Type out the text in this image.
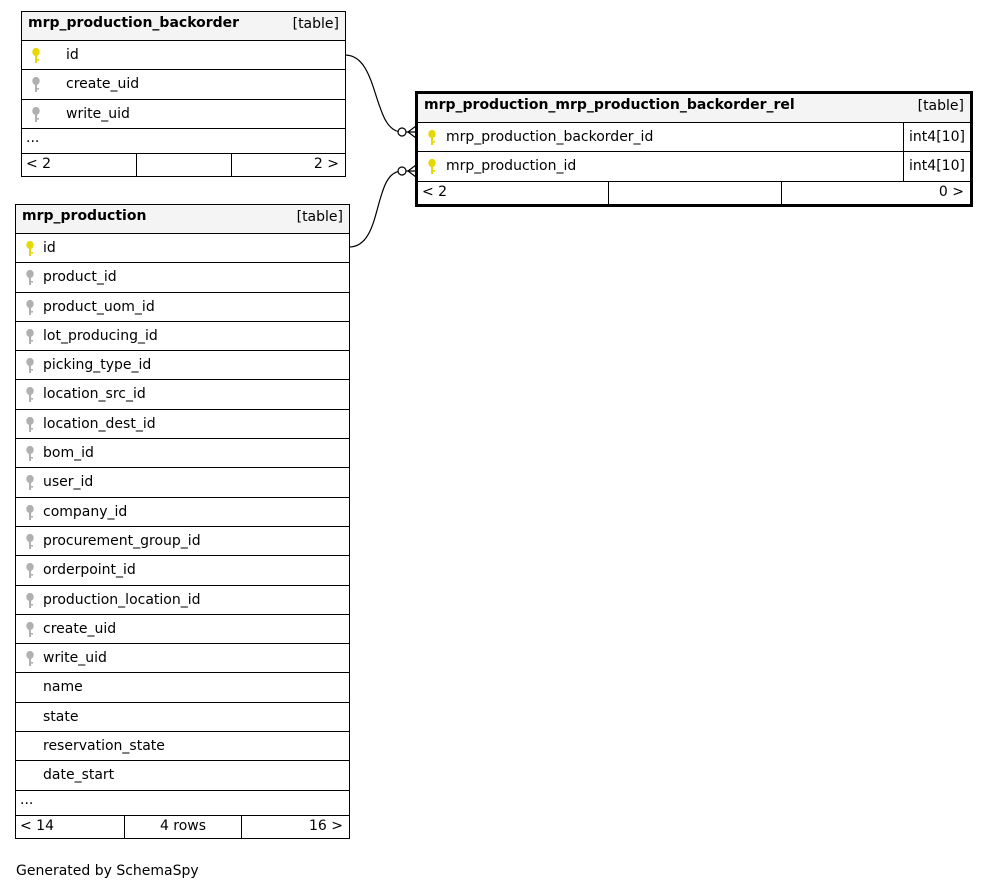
mrp_production_backorder	[table]
id
create_uid
write_uid
...
< 2	2 >
mrp_production_mrp_production_backorder_rel	[table]
mrp_production_backorder_id	int4[10]
mrp_production_id	int4[10]
< 2	0 >
mrp_production	[table]
id
product_id
product_uom_id
lot_producing_id
picking_type_id
location_src_id
location_dest_id
bom_id
user_id
company_id
procurement_group_id
orderpoint_id
production_location_id
create_uid
write_uid
name
state
reservation_state
date_start
...
< 14	4 rows	16 >
Generated by SchemaSpy
